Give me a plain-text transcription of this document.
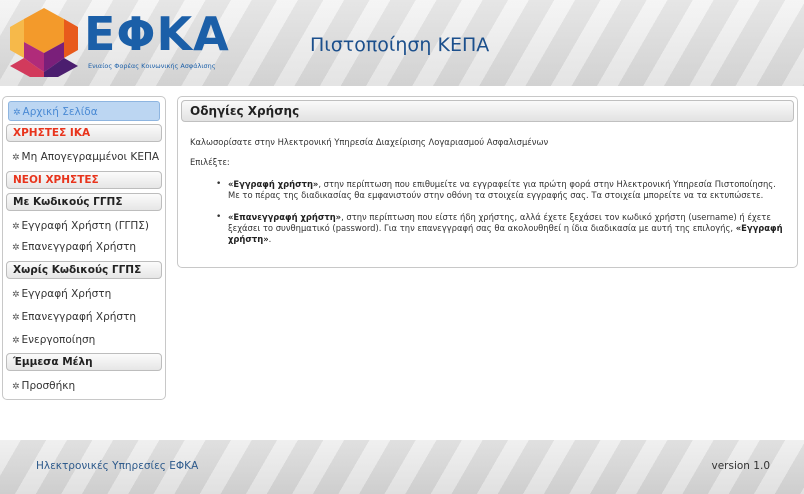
ΕΦΚΑ
Ενιαίος Φορέας Κοινωνικής Ασφάλισης
Πιστοποίηση ΚΕΠΑ
✲ Αρχική Σελίδα
ΧΡΗΣΤΕΣ ΙΚΑ
✲ Μη Απογεγραμμένοι ΚΕΠΑ
ΝΕΟΙ ΧΡΗΣΤΕΣ
Με Κωδικούς ΓΓΠΣ
✲ Εγγραφή Χρήστη (ΓΓΠΣ)
✲ Επανεγγραφή Χρήστη
Χωρίς Κωδικούς ΓΓΠΣ
✲ Εγγραφή Χρήστη
✲ Επανεγγραφή Χρήστη
✲ Ενεργοποίηση
Έμμεσα Μέλη
✲ Προσθήκη
Οδηγίες Χρήσης

Καλωσορίσατε στην Ηλεκτρονική Υπηρεσία Διαχείρισης Λογαριασμού Ασφαλισμένων

Επιλέξτε:

• «Εγγραφή χρήστη», στην περίπτωση που επιθυμείτε να εγγραφείτε για πρώτη φορά στην Ηλεκτρονική Υπηρεσία Πιστοποίησης. Με το πέρας της διαδικασίας θα εμφανιστούν στην οθόνη τα στοιχεία εγγραφής σας. Τα στοιχεία μπορείτε να τα εκτυπώσετε.
• «Επανεγγραφή χρήστη», στην περίπτωση που είστε ήδη χρήστης, αλλά έχετε ξεχάσει τον κωδικό χρήστη (username) ή έχετε ξεχάσει το συνθηματικό (password). Για την επανεγγραφή σας θα ακολουθηθεί η ίδια διαδικασία με αυτή της επιλογής, «Εγγραφή χρήστη».
Ηλεκτρονικές Υπηρεσίες ΕΦΚΑ	version 1.0
